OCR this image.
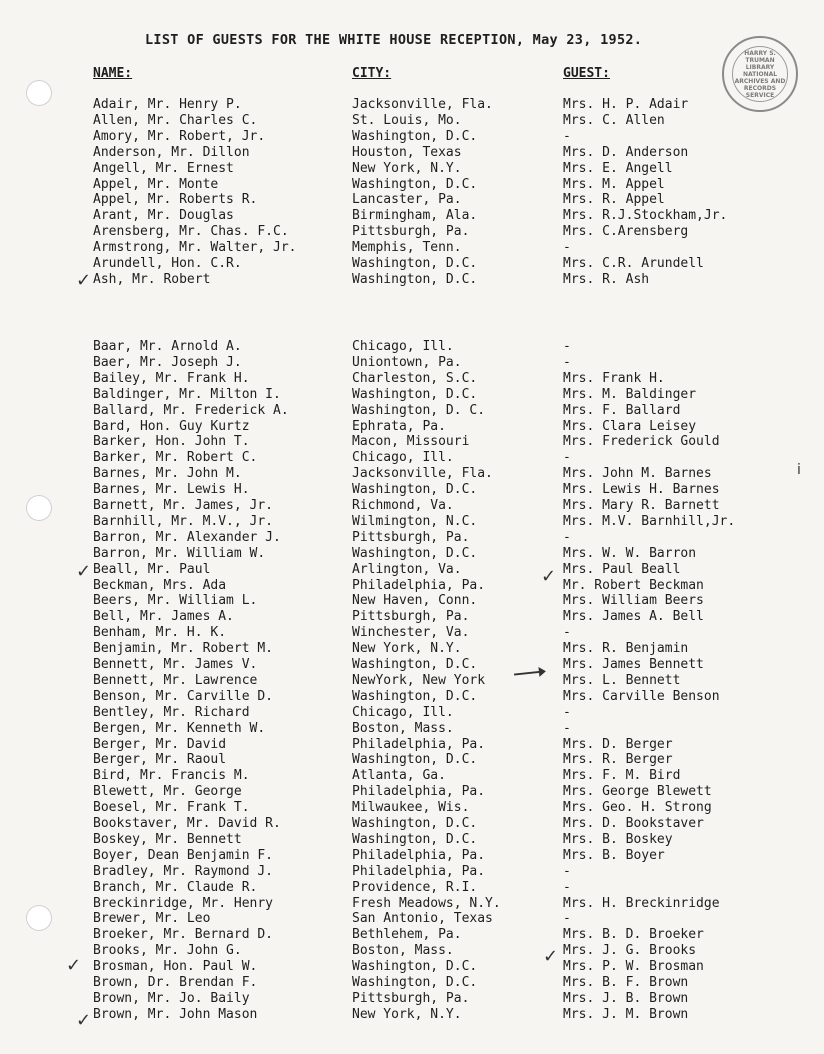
LIST OF GUESTS FOR THE WHITE HOUSE RECEPTION, May 23, 1952.
HARRY S. TRUMAN LIBRARY NATIONAL ARCHIVES AND RECORDS SERVICE
NAME:	CITY:	GUEST:
Adair, Mr. Henry P.	Jacksonville, Fla.	Mrs. H. P. Adair
Allen, Mr. Charles C.	St. Louis, Mo.	Mrs. C. Allen
Amory, Mr. Robert, Jr.	Washington, D.C.	-
Anderson, Mr. Dillon	Houston, Texas	Mrs. D. Anderson
Angell, Mr. Ernest	New York, N.Y.	Mrs. E. Angell
Appel, Mr. Monte	Washington, D.C.	Mrs. M. Appel
Appel, Mr. Roberts R.	Lancaster, Pa.	Mrs. R. Appel
Arant, Mr. Douglas	Birmingham, Ala.	Mrs. R.J.Stockham,Jr.
Arensberg, Mr. Chas. F.C.	Pittsburgh, Pa.	Mrs. C.Arensberg
Armstrong, Mr. Walter, Jr.	Memphis, Tenn.	-
Arundell, Hon. C.R.	Washington, D.C.	Mrs. C.R. Arundell
Ash, Mr. Robert	Washington, D.C.	Mrs. R. Ash
Baar, Mr. Arnold A.	Chicago, Ill.	-
Baer, Mr. Joseph J.	Uniontown, Pa.	-
Bailey, Mr. Frank H.	Charleston, S.C.	Mrs. Frank H.
Baldinger, Mr. Milton I.	Washington, D.C.	Mrs. M. Baldinger
Ballard, Mr. Frederick A.	Washington, D. C.	Mrs. F. Ballard
Bard, Hon. Guy Kurtz	Ephrata, Pa.	Mrs. Clara Leisey
Barker, Hon. John T.	Macon, Missouri	Mrs. Frederick Gould
Barker, Mr. Robert C.	Chicago, Ill.	-
Barnes, Mr. John M.	Jacksonville, Fla.	Mrs. John M. Barnes
Barnes, Mr. Lewis H.	Washington, D.C.	Mrs. Lewis H. Barnes
Barnett, Mr. James, Jr.	Richmond, Va.	Mrs. Mary R. Barnett
Barnhill, Mr. M.V., Jr.	Wilmington, N.C.	Mrs. M.V. Barnhill,Jr.
Barron, Mr. Alexander J.	Pittsburgh, Pa.	-
Barron, Mr. William W.	Washington, D.C.	Mrs. W. W. Barron
Beall, Mr. Paul	Arlington, Va.	Mrs. Paul Beall
Beckman, Mrs. Ada	Philadelphia, Pa.	Mr. Robert Beckman
Beers, Mr. William L.	New Haven, Conn.	Mrs. William Beers
Bell, Mr. James A.	Pittsburgh, Pa.	Mrs. James A. Bell
Benham, Mr. H. K.	Winchester, Va.	-
Benjamin, Mr. Robert M.	New York, N.Y.	Mrs. R. Benjamin
Bennett, Mr. James V.	Washington, D.C.	Mrs. James Bennett
Bennett, Mr. Lawrence	NewYork, New York	Mrs. L. Bennett
Benson, Mr. Carville D.	Washington, D.C.	Mrs. Carville Benson
Bentley, Mr. Richard	Chicago, Ill.	-
Bergen, Mr. Kenneth W.	Boston, Mass.	-
Berger, Mr. David	Philadelphia, Pa.	Mrs. D. Berger
Berger, Mr. Raoul	Washington, D.C.	Mrs. R. Berger
Bird, Mr. Francis M.	Atlanta, Ga.	Mrs. F. M. Bird
Blewett, Mr. George	Philadelphia, Pa.	Mrs. George Blewett
Boesel, Mr. Frank T.	Milwaukee, Wis.	Mrs. Geo. H. Strong
Bookstaver, Mr. David R.	Washington, D.C.	Mrs. D. Bookstaver
Boskey, Mr. Bennett	Washington, D.C.	Mrs. B. Boskey
Boyer, Dean Benjamin F.	Philadelphia, Pa.	Mrs. B. Boyer
Bradley, Mr. Raymond J.	Philadelphia, Pa.	-
Branch, Mr. Claude R.	Providence, R.I.	-
Breckinridge, Mr. Henry	Fresh Meadows, N.Y.	Mrs. H. Breckinridge
Brewer, Mr. Leo	San Antonio, Texas	-
Broeker, Mr. Bernard D.	Bethlehem, Pa.	Mrs. B. D. Broeker
Brooks, Mr. John G.	Boston, Mass.	Mrs. J. G. Brooks
Brosman, Hon. Paul W.	Washington, D.C.	Mrs. P. W. Brosman
Brown, Dr. Brendan F.	Washington, D.C.	Mrs. B. F. Brown
Brown, Mr. Jo. Baily	Pittsburgh, Pa.	Mrs. J. B. Brown
Brown, Mr. John Mason	New York, N.Y.	Mrs. J. M. Brown
✓
✓	✓
✓	✓
✓
i
